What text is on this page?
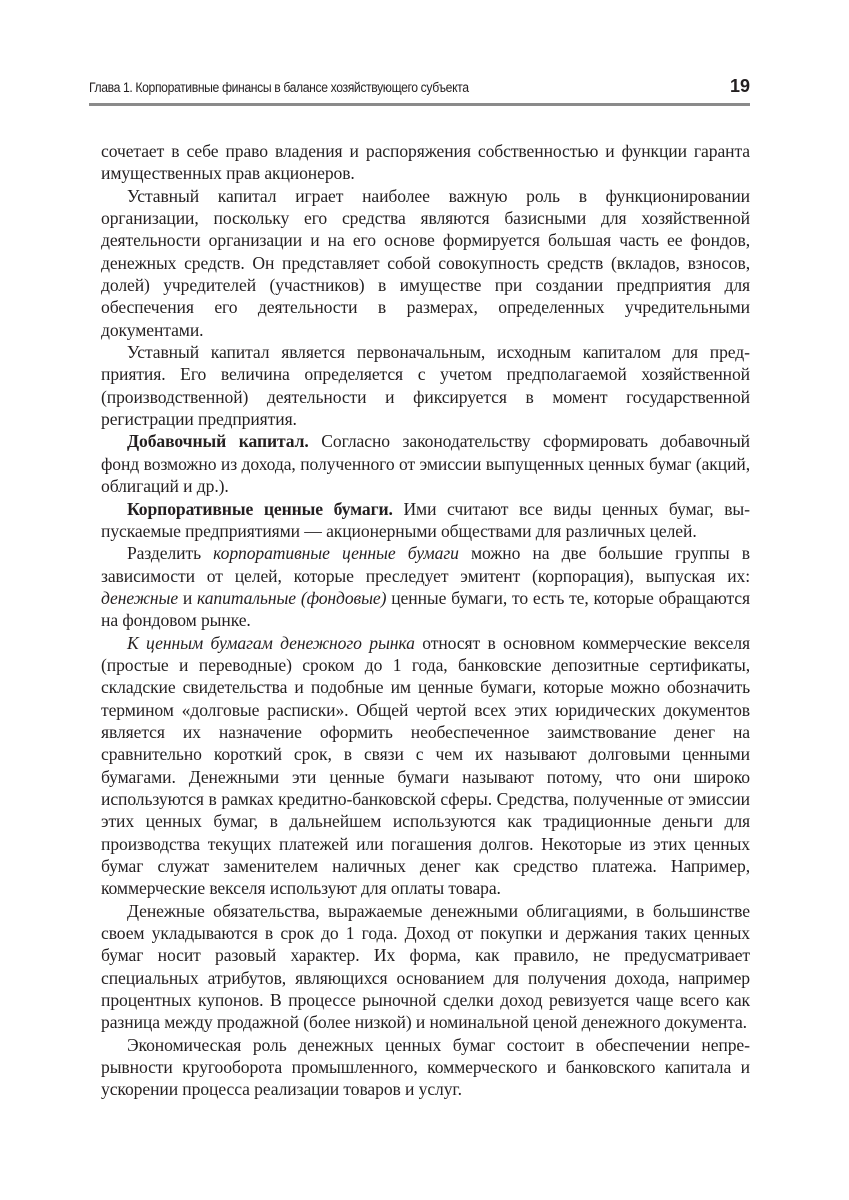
Глава 1. Корпоративные финансы в балансе хозяйствующего субъекта	19

сочетает в себе право владения и распоряжения собственностью и функции гаранта имущественных прав акционеров.

Уставный капитал играет наиболее важную роль в функционировании организации, поскольку его средства являются базисными для хозяйственной деятельности организации и на его основе формируется большая часть ее фондов, денежных средств. Он представляет собой совокупность средств (вкладов, взносов, долей) учредителей (участников) в имуществе при создании предприятия для обеспечения его деятельности в размерах, определенных учредительными документами.

Уставный капитал является первоначальным, исходным капиталом для предприятия. Его величина определяется с учетом предполагаемой хозяйственной (производственной) деятельности и фиксируется в момент государственной регистрации предприятия.

Добавочный капитал. Согласно законодательству сформировать добавочный фонд возможно из дохода, полученного от эмиссии выпущенных ценных бумаг (акций, облигаций и др.).

Корпоративные ценные бумаги. Ими считают все виды ценных бумаг, выпускаемые предприятиями — акционерными обществами для различных целей.

Разделить корпоративные ценные бумаги можно на две большие группы в зависимости от целей, которые преследует эмитент (корпорация), выпуская их: денежные и капитальные (фондовые) ценные бумаги, то есть те, которые обращаются на фондовом рынке.

К ценным бумагам денежного рынка относят в основном коммерческие векселя (простые и переводные) сроком до 1 года, банковские депозитные сертификаты, складские свидетельства и подобные им ценные бумаги, которые можно обозначить термином «долговые расписки». Общей чертой всех этих юридических документов является их назначение оформить необеспеченное заимствование денег на сравнительно короткий срок, в связи с чем их называют долговыми ценными бумагами. Денежными эти ценные бумаги называют потому, что они широко используются в рамках кредитно-банковской сферы. Средства, полученные от эмиссии этих ценных бумаг, в дальнейшем используются как традиционные деньги для производства текущих платежей или погашения долгов. Некоторые из этих ценных бумаг служат заменителем наличных денег как средство платежа. Например, коммерческие векселя используют для оплаты товара.

Денежные обязательства, выражаемые денежными облигациями, в большинстве своем укладываются в срок до 1 года. Доход от покупки и держания таких ценных бумаг носит разовый характер. Их форма, как правило, не предусматривает специальных атрибутов, являющихся основанием для получения дохода, например процентных купонов. В процессе рыночной сделки доход ревизуется чаще всего как разница между продажной (более низкой) и номинальной ценой денежного документа.

Экономическая роль денежных ценных бумаг состоит в обеспечении непрерывности кругооборота промышленного, коммерческого и банковского капитала и ускорении процесса реализации товаров и услуг.
